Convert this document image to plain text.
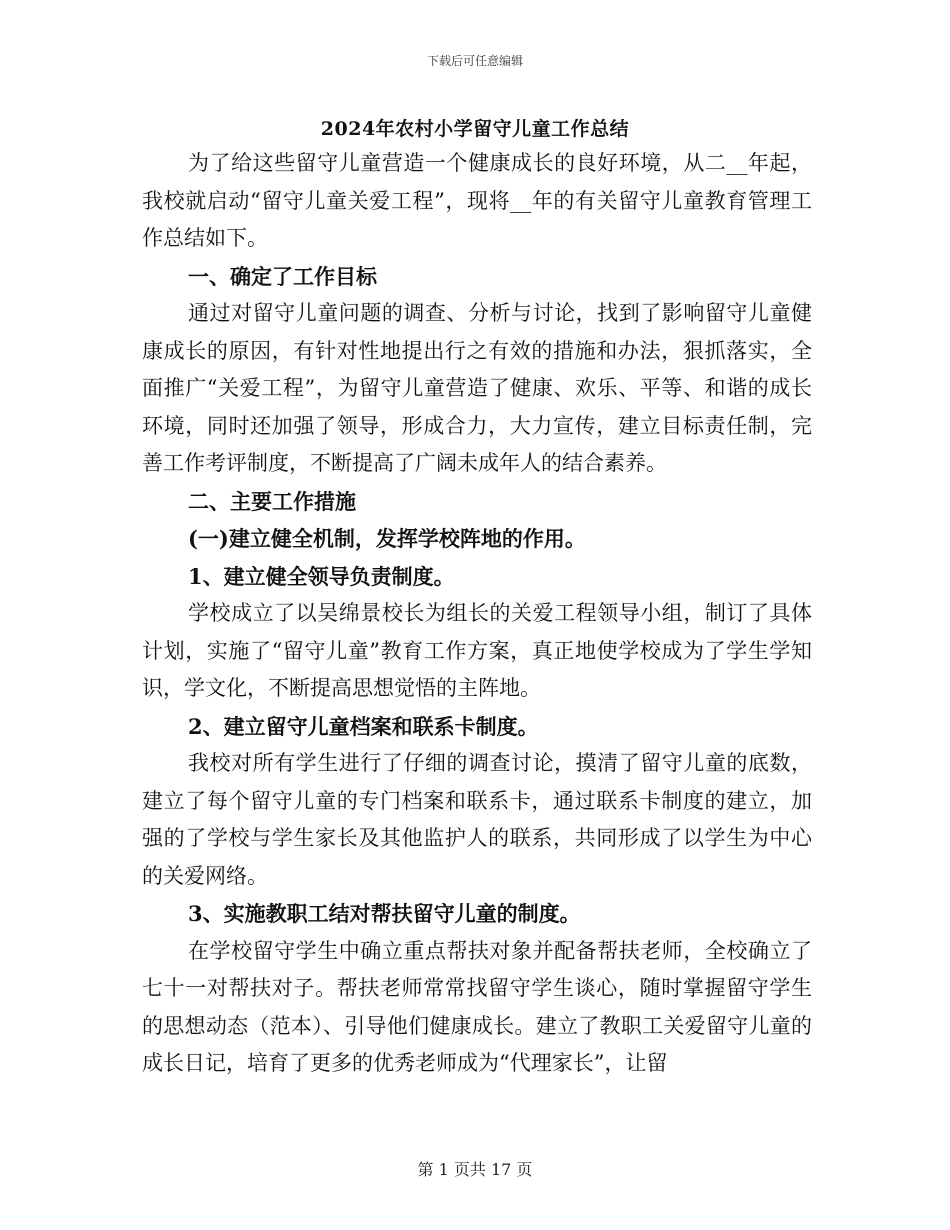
下载后可任意编辑
2024年农村小学留守儿童工作总结

为了给这些留守儿童营造一个健康成长的良好环境，从二__年起，我校就启动“留守儿童关爱工程”，现将__年的有关留守儿童教育管理工作总结如下。

一、确定了工作目标

通过对留守儿童问题的调查、分析与讨论，找到了影响留守儿童健康成长的原因，有针对性地提出行之有效的措施和办法，狠抓落实，全面推广“关爱工程”，为留守儿童营造了健康、欢乐、平等、和谐的成长环境，同时还加强了领导，形成合力，大力宣传，建立目标责任制，完善工作考评制度，不断提高了广阔未成年人的结合素养。

二、主要工作措施
(一)建立健全机制，发挥学校阵地的作用。
1、建立健全领导负责制度。

学校成立了以吴绵景校长为组长的关爱工程领导小组，制订了具体计划，实施了“留守儿童”教育工作方案，真正地使学校成为了学生学知识，学文化，不断提高思想觉悟的主阵地。

2、建立留守儿童档案和联系卡制度。

我校对所有学生进行了仔细的调查讨论，摸清了留守儿童的底数，建立了每个留守儿童的专门档案和联系卡，通过联系卡制度的建立，加强的了学校与学生家长及其他监护人的联系，共同形成了以学生为中心的关爱网络。

3、实施教职工结对帮扶留守儿童的制度。

在学校留守学生中确立重点帮扶对象并配备帮扶老师，全校确立了七十一对帮扶对子。帮扶老师常常找留守学生谈心，随时掌握留守学生的思想动态（范本）、引导他们健康成长。建立了教职工关爱留守儿童的成长日记，培育了更多的优秀老师成为“代理家长”，让留

第 1 页共 17 页
